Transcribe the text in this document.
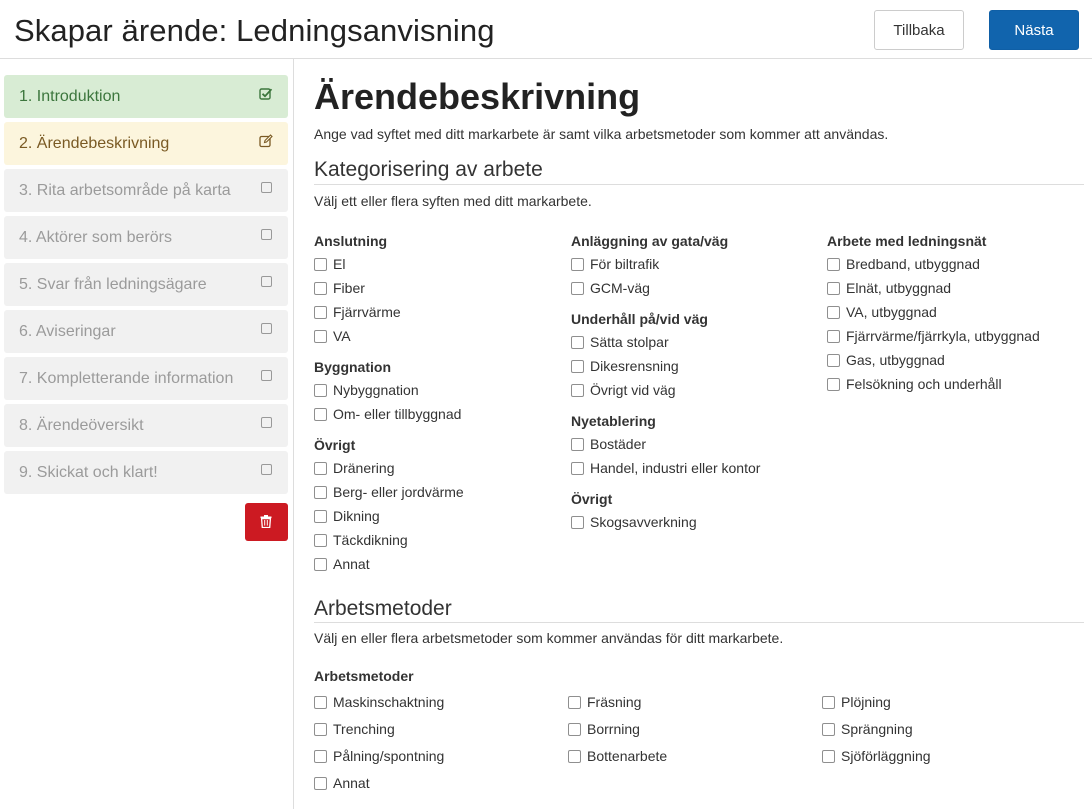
Skapar ärende: Ledningsanvisning	Tillbaka	Nästa
1. Introduktion
2. Ärendebeskrivning
3. Rita arbetsområde på karta
4. Aktörer som berörs
5. Svar från ledningsägare
6. Aviseringar
7. Kompletterande information
8. Ärendeöversikt
9. Skickat och klart!
Ärendebeskrivning
Ange vad syftet med ditt markarbete är samt vilka arbetsmetoder som kommer att användas.
Kategorisering av arbete
Välj ett eller flera syften med ditt markarbete.
Anslutning
El
Fiber
Fjärrvärme
VA
Byggnation
Nybyggnation
Om- eller tillbyggnad
Övrigt
Dränering
Berg- eller jordvärme
Dikning
Täckdikning
Annat
Anläggning av gata/väg
För biltrafik
GCM-väg
Underhåll på/vid väg
Sätta stolpar
Dikesrensning
Övrigt vid väg
Nyetablering
Bostäder
Handel, industri eller kontor
Övrigt
Skogsavverkning
Arbete med ledningsnät
Bredband, utbyggnad
Elnät, utbyggnad
VA, utbyggnad
Fjärrvärme/fjärrkyla, utbyggnad
Gas, utbyggnad
Felsökning och underhåll
Arbetsmetoder
Välj en eller flera arbetsmetoder som kommer användas för ditt markarbete.
Arbetsmetoder
Maskinschaktning
Trenching
Pålning/spontning
Annat
Fräsning
Borrning
Bottenarbete
Plöjning
Sprängning
Sjöförläggning
